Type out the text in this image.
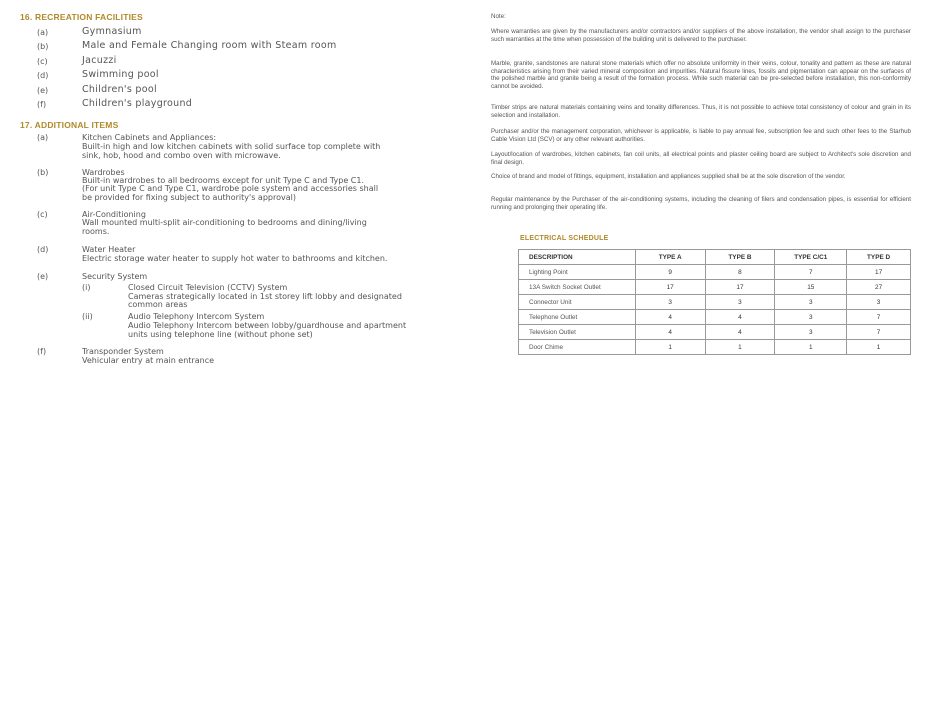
16. RECREATION FACILITIES
(a)	Gymnasium
(b)	Male and Female Changing room with Steam room
(c)	Jacuzzi
(d)	Swimming pool
(e)	Children's pool
(f)	Children's playground
17. ADDITIONAL ITEMS
(a)	Kitchen Cabinets and Appliances:
Built-in high and low kitchen cabinets with solid surface top complete with
sink, hob, hood and combo oven with microwave.
(b)	Wardrobes
Built-in wardrobes to all bedrooms except for unit Type C and Type C1.
(For unit Type C and Type C1, wardrobe pole system and accessories shall
be provided for fixing subject to authority's approval)
(c)	Air-Conditioning
Wall mounted multi-split air-conditioning to bedrooms and dining/living
rooms.
(d)	Water Heater
Electric storage water heater to supply hot water to bathrooms and kitchen.
(e)	Security System
(i)	Closed Circuit Television (CCTV) System
Cameras strategically located in 1st storey lift lobby and designated
common areas
(ii)	Audio Telephony Intercom System
Audio Telephony Intercom between lobby/guardhouse and apartment
units using telephone line (without phone set)
(f)	Transponder System
Vehicular entry at main entrance
Note:
Where warranties are given by the manufacturers and/or contractors and/or suppliers of the above installation, the vendor shall assign to the purchaser such warranties at the time when possession of the building unit is delivered to the purchaser.
Marble, granite, sandstones are natural stone materials which offer no absolute uniformity in their veins, colour, tonality and pattern as these are natural characteristics arising from their varied mineral composition and impurities. Natural fissure lines, fossils and pigmentation can appear on the surfaces of the polished marble and granite being a result of the formation process. While such material can be pre-selected before installation, this non-conformity cannot be avoided.
Timber strips are natural materials containing veins and tonality differences. Thus, it is not possible to achieve total consistency of colour and grain in its selection and installation.
Purchaser and/or the management corporation, whichever is applicable, is liable to pay annual fee, subscription fee and such other fees to the Starhub Cable Vision Ltd (SCV) or any other relevant authorities.
Layout/location of wardrobes, kitchen cabinets, fan coil units, all electrical points and plaster ceiling board are subject to Architect's sole discretion and final design.
Choice of brand and model of fittings, equipment, installation and appliances supplied shall be at the sole discretion of the vendor.
Regular maintenance by the Purchaser of the air-conditioning systems, including the cleaning of filers and condensation pipes, is essential for efficient running and prolonging their operating life.
ELECTRICAL SCHEDULE
DESCRIPTION	TYPE A	TYPE B	TYPE C/C1	TYPE D
Lighting Point	9	8	7	17
13A Switch Socket Outlet	17	17	15	27
Connector Unit	3	3	3	3
Telephone Outlet	4	4	3	7
Television Outlet	4	4	3	7
Door Chime	1	1	1	1
